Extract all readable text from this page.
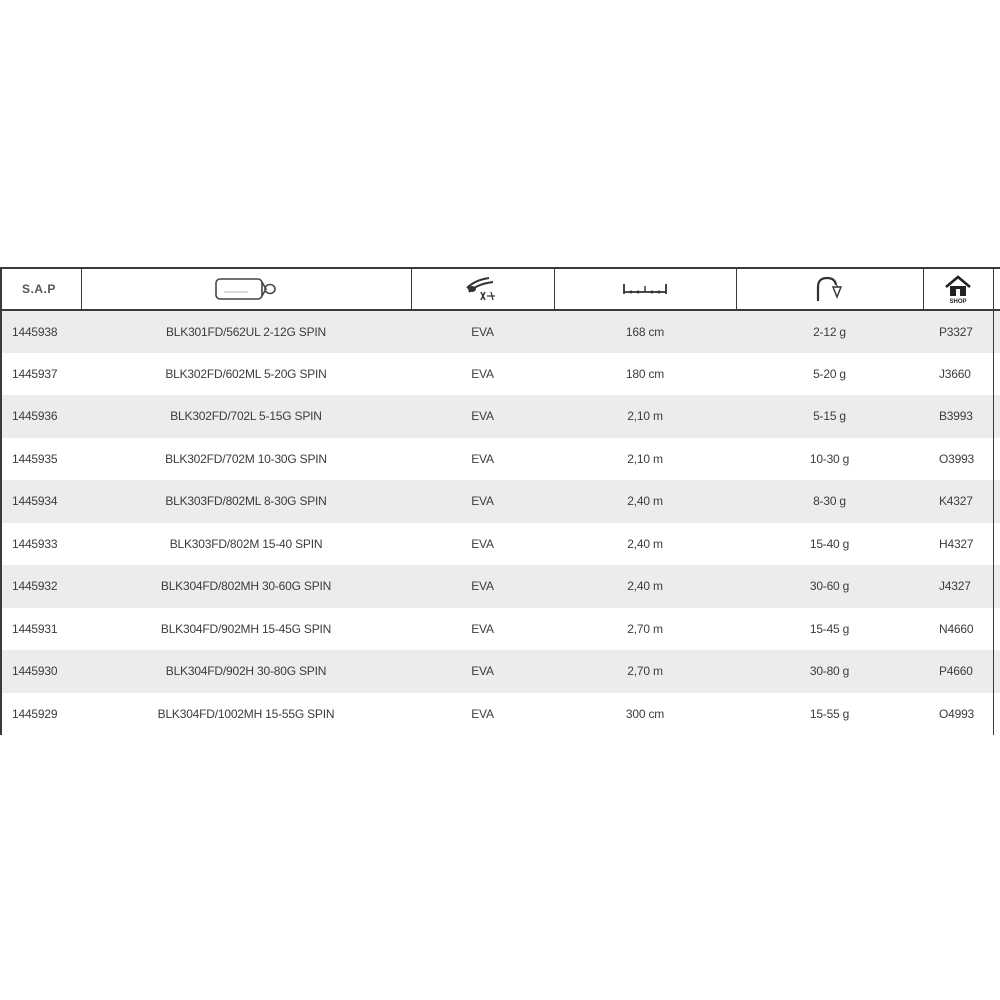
S.A.P					SHOP	

1445938	BLK301FD/562UL 2-12G SPIN	EVA	168 cm	2-12 g	P3327	
1445937	BLK302FD/602ML 5-20G SPIN	EVA	180 cm	5-20 g	J3660	
1445936	BLK302FD/702L 5-15G SPIN	EVA	2,10 m	5-15 g	B3993	
1445935	BLK302FD/702M 10-30G SPIN	EVA	2,10 m	10-30 g	O3993	
1445934	BLK303FD/802ML 8-30G SPIN	EVA	2,40 m	8-30 g	K4327	
1445933	BLK303FD/802M 15-40 SPIN	EVA	2,40 m	15-40 g	H4327	
1445932	BLK304FD/802MH 30-60G SPIN	EVA	2,40 m	30-60 g	J4327	
1445931	BLK304FD/902MH 15-45G SPIN	EVA	2,70 m	15-45 g	N4660	
1445930	BLK304FD/902H 30-80G SPIN	EVA	2,70 m	30-80 g	P4660	
1445929	BLK304FD/1002MH 15-55G SPIN	EVA	300 cm	15-55 g	O4993	
